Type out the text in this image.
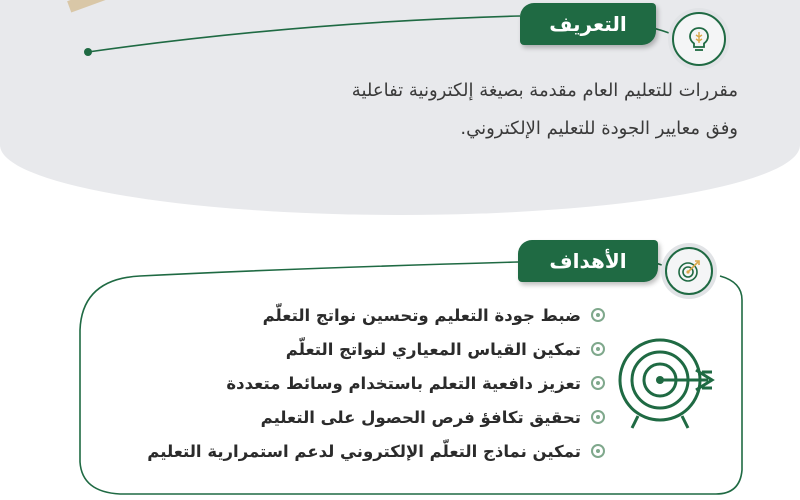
التعريف
مقررات للتعليم العام مقدمة بصيغة إلكترونية تفاعلية
وفق معايير الجودة للتعليم الإلكتروني.
الأهداف
ضبط جودة التعليم وتحسين نواتج التعلّم
تمكين القياس المعياري لنواتج التعلّم
تعزيز دافعية التعلم باستخدام وسائط متعددة
تحقيق تكافؤ فرص الحصول على التعليم
تمكين نماذج التعلّم الإلكتروني لدعم استمرارية التعليم
